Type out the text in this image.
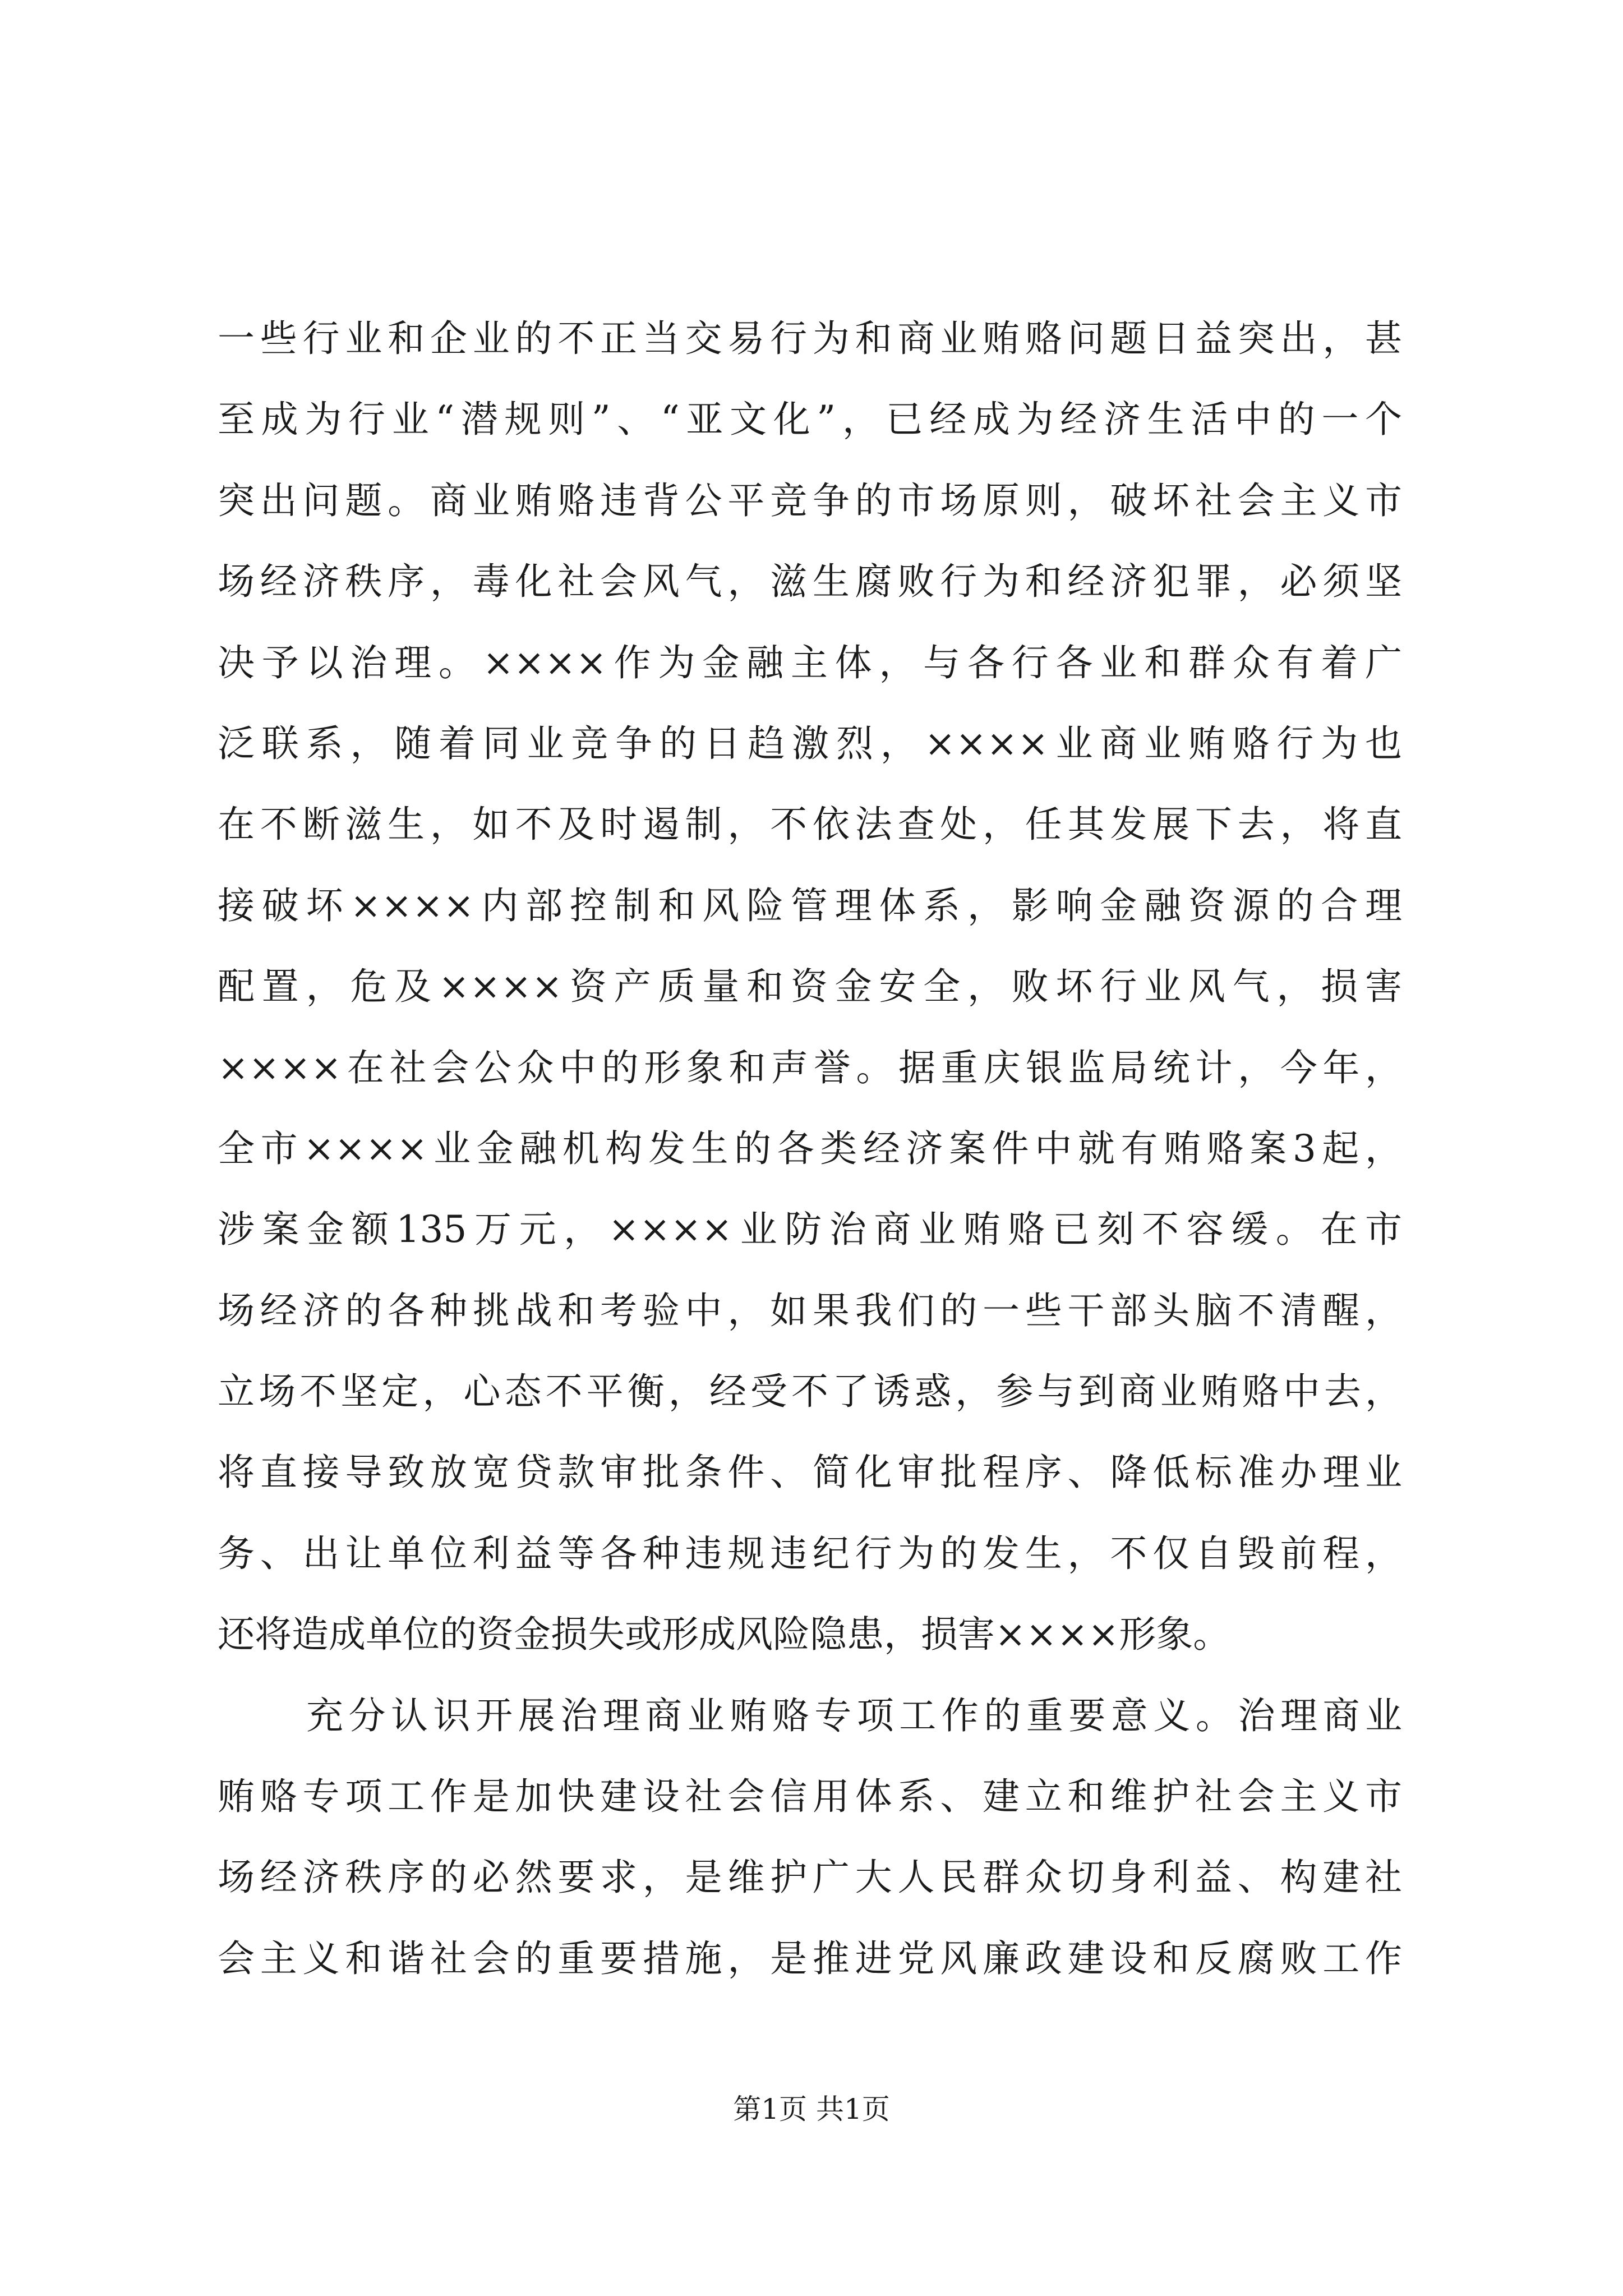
一些行业和企业的不正当交易行为和商业贿赂问题日益突出，甚
至成为行业“潜规则”、“亚文化”，已经成为经济生活中的一个
突出问题。商业贿赂违背公平竞争的市场原则，破坏社会主义市
场经济秩序，毒化社会风气，滋生腐败行为和经济犯罪，必须坚
决予以治理。××××作为金融主体，与各行各业和群众有着广
泛联系，随着同业竞争的日趋激烈，××××业商业贿赂行为也
在不断滋生，如不及时遏制，不依法查处，任其发展下去，将直
接破坏××××内部控制和风险管理体系，影响金融资源的合理
配置，危及××××资产质量和资金安全，败坏行业风气，损害
××××在社会公众中的形象和声誉。据重庆银监局统计，今年，
全市××××业金融机构发生的各类经济案件中就有贿赂案3起，
涉案金额135万元，××××业防治商业贿赂已刻不容缓。在市
场经济的各种挑战和考验中，如果我们的一些干部头脑不清醒，
立场不坚定，心态不平衡，经受不了诱惑，参与到商业贿赂中去，
将直接导致放宽贷款审批条件、简化审批程序、降低标准办理业
务、出让单位利益等各种违规违纪行为的发生，不仅自毁前程，
还将造成单位的资金损失或形成风险隐患，损害××××形象。
充分认识开展治理商业贿赂专项工作的重要意义。治理商业
贿赂专项工作是加快建设社会信用体系、建立和维护社会主义市
场经济秩序的必然要求，是维护广大人民群众切身利益、构建社
会主义和谐社会的重要措施，是推进党风廉政建设和反腐败工作
第1页 共1页
